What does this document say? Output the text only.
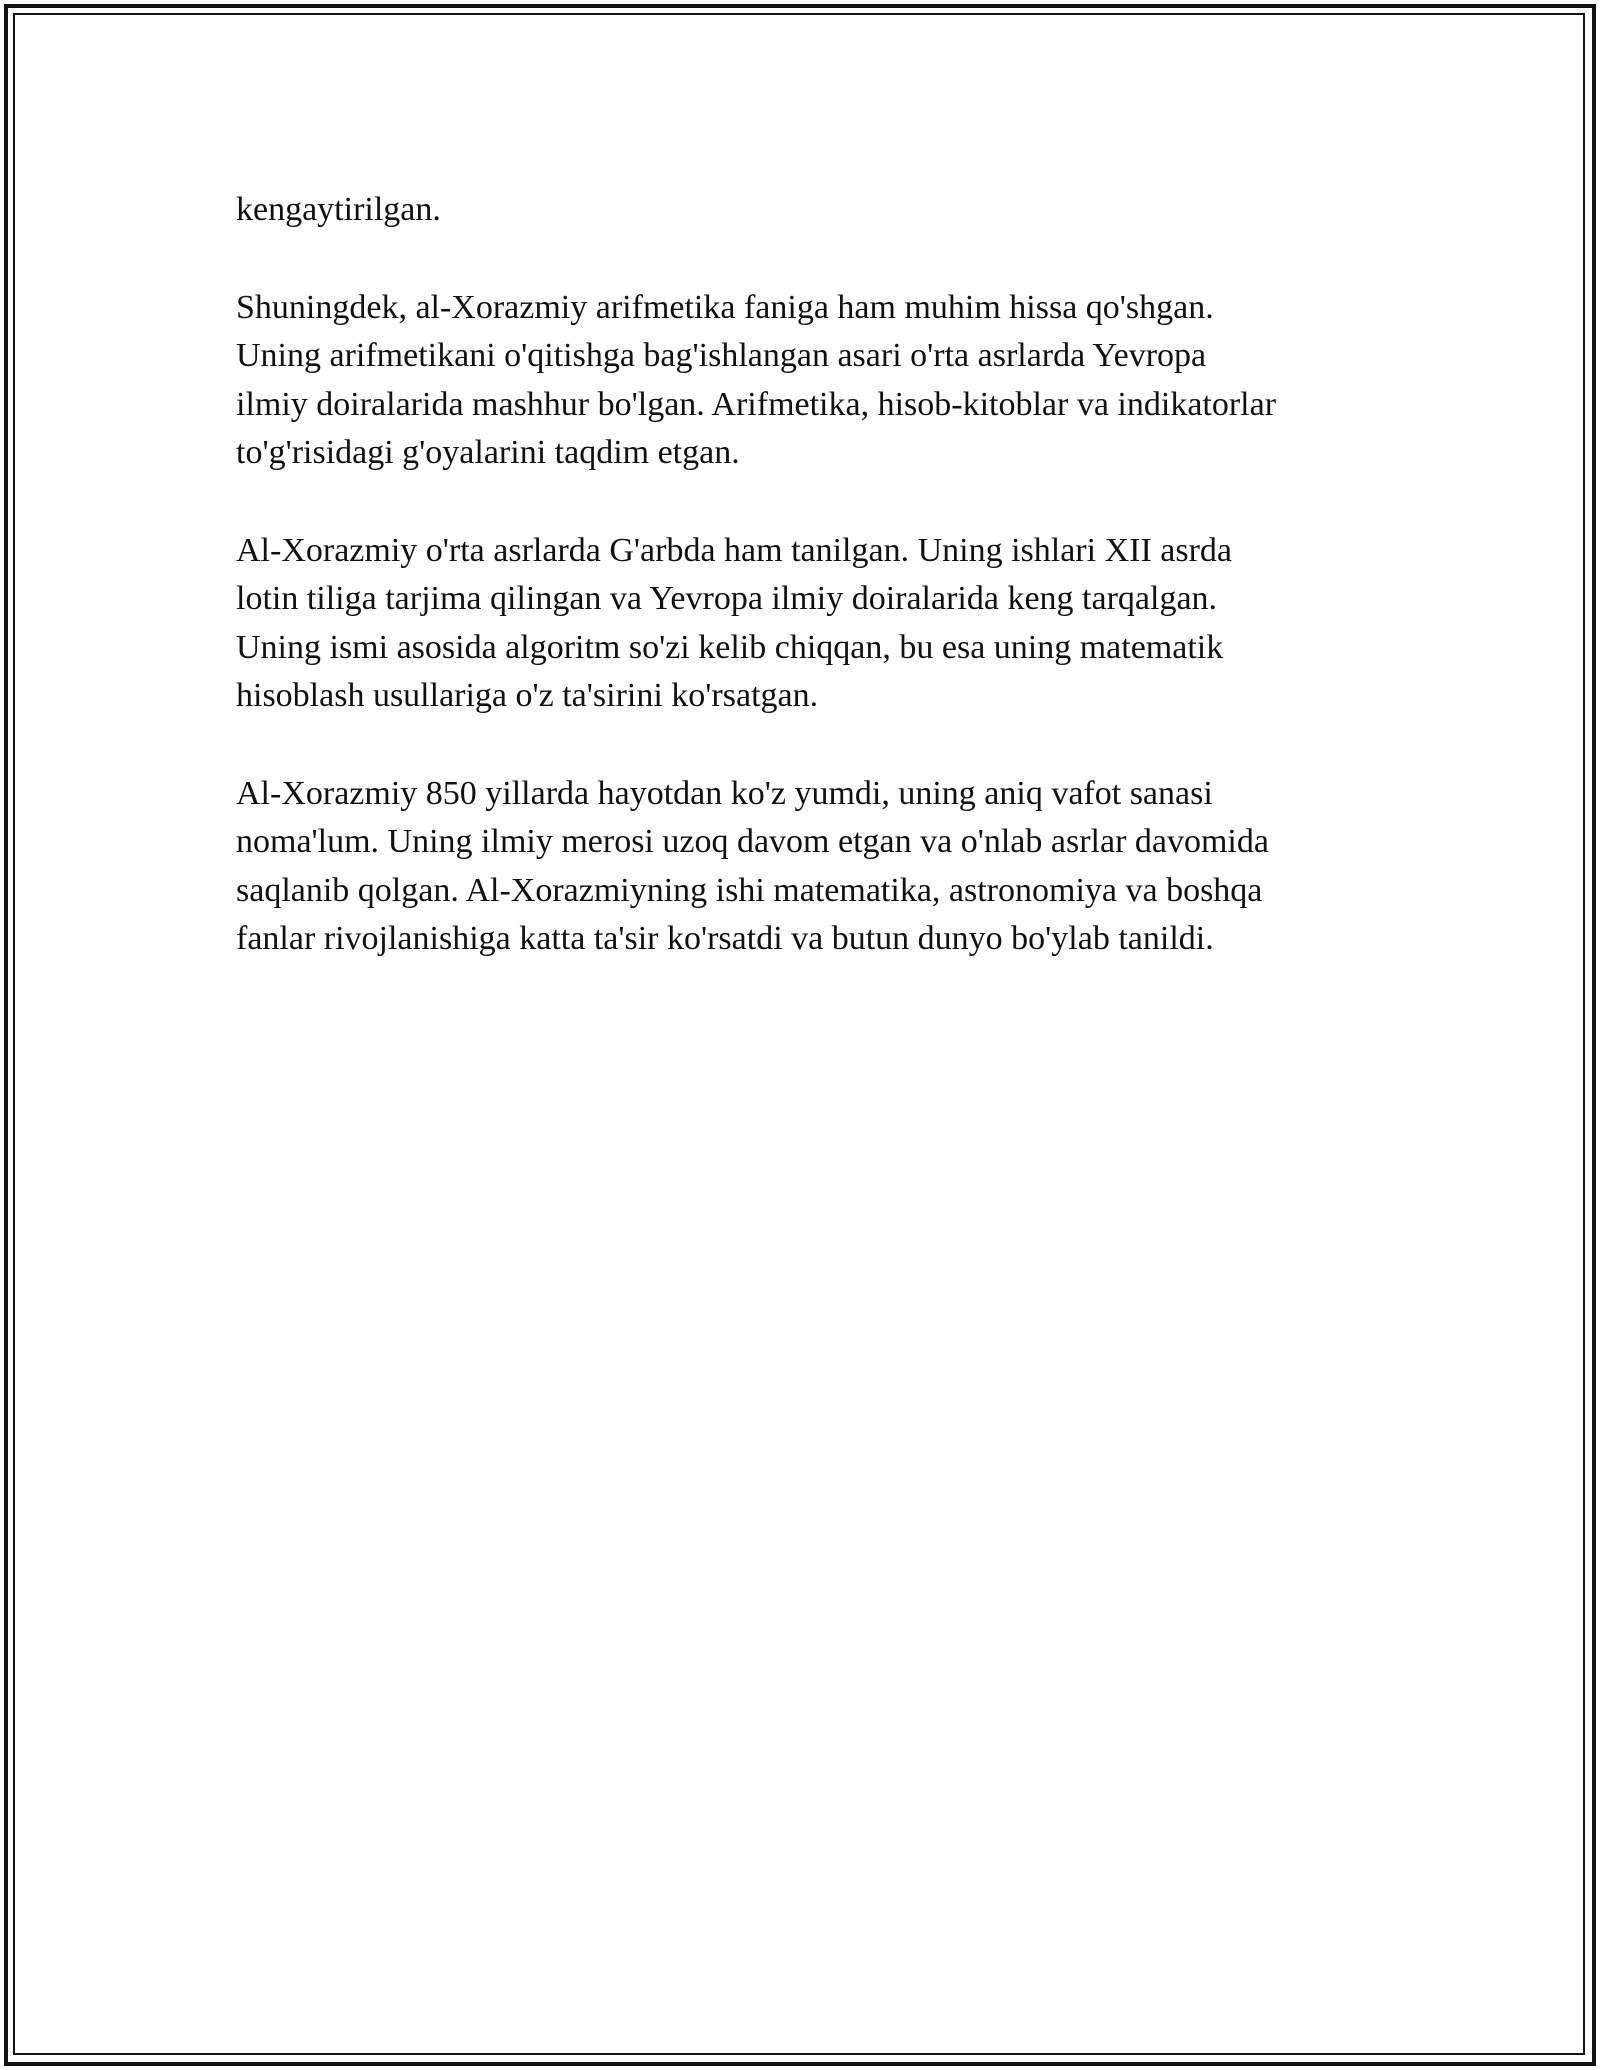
kengaytirilgan.

Shuningdek, al-Xorazmiy arifmetika faniga ham muhim hissa qo'shgan.
Uning arifmetikani o'qitishga bag'ishlangan asari o'rta asrlarda Yevropa
ilmiy doiralarida mashhur bo'lgan. Arifmetika, hisob-kitoblar va indikatorlar
to'g'risidagi g'oyalarini taqdim etgan.

Al-Xorazmiy o'rta asrlarda G'arbda ham tanilgan. Uning ishlari XII asrda
lotin tiliga tarjima qilingan va Yevropa ilmiy doiralarida keng tarqalgan.
Uning ismi asosida algoritm so'zi kelib chiqqan, bu esa uning matematik
hisoblash usullariga o'z ta'sirini ko'rsatgan.

Al-Xorazmiy 850 yillarda hayotdan ko'z yumdi, uning aniq vafot sanasi
noma'lum. Uning ilmiy merosi uzoq davom etgan va o'nlab asrlar davomida
saqlanib qolgan. Al-Xorazmiyning ishi matematika, astronomiya va boshqa
fanlar rivojlanishiga katta ta'sir ko'rsatdi va butun dunyo bo'ylab tanildi.
